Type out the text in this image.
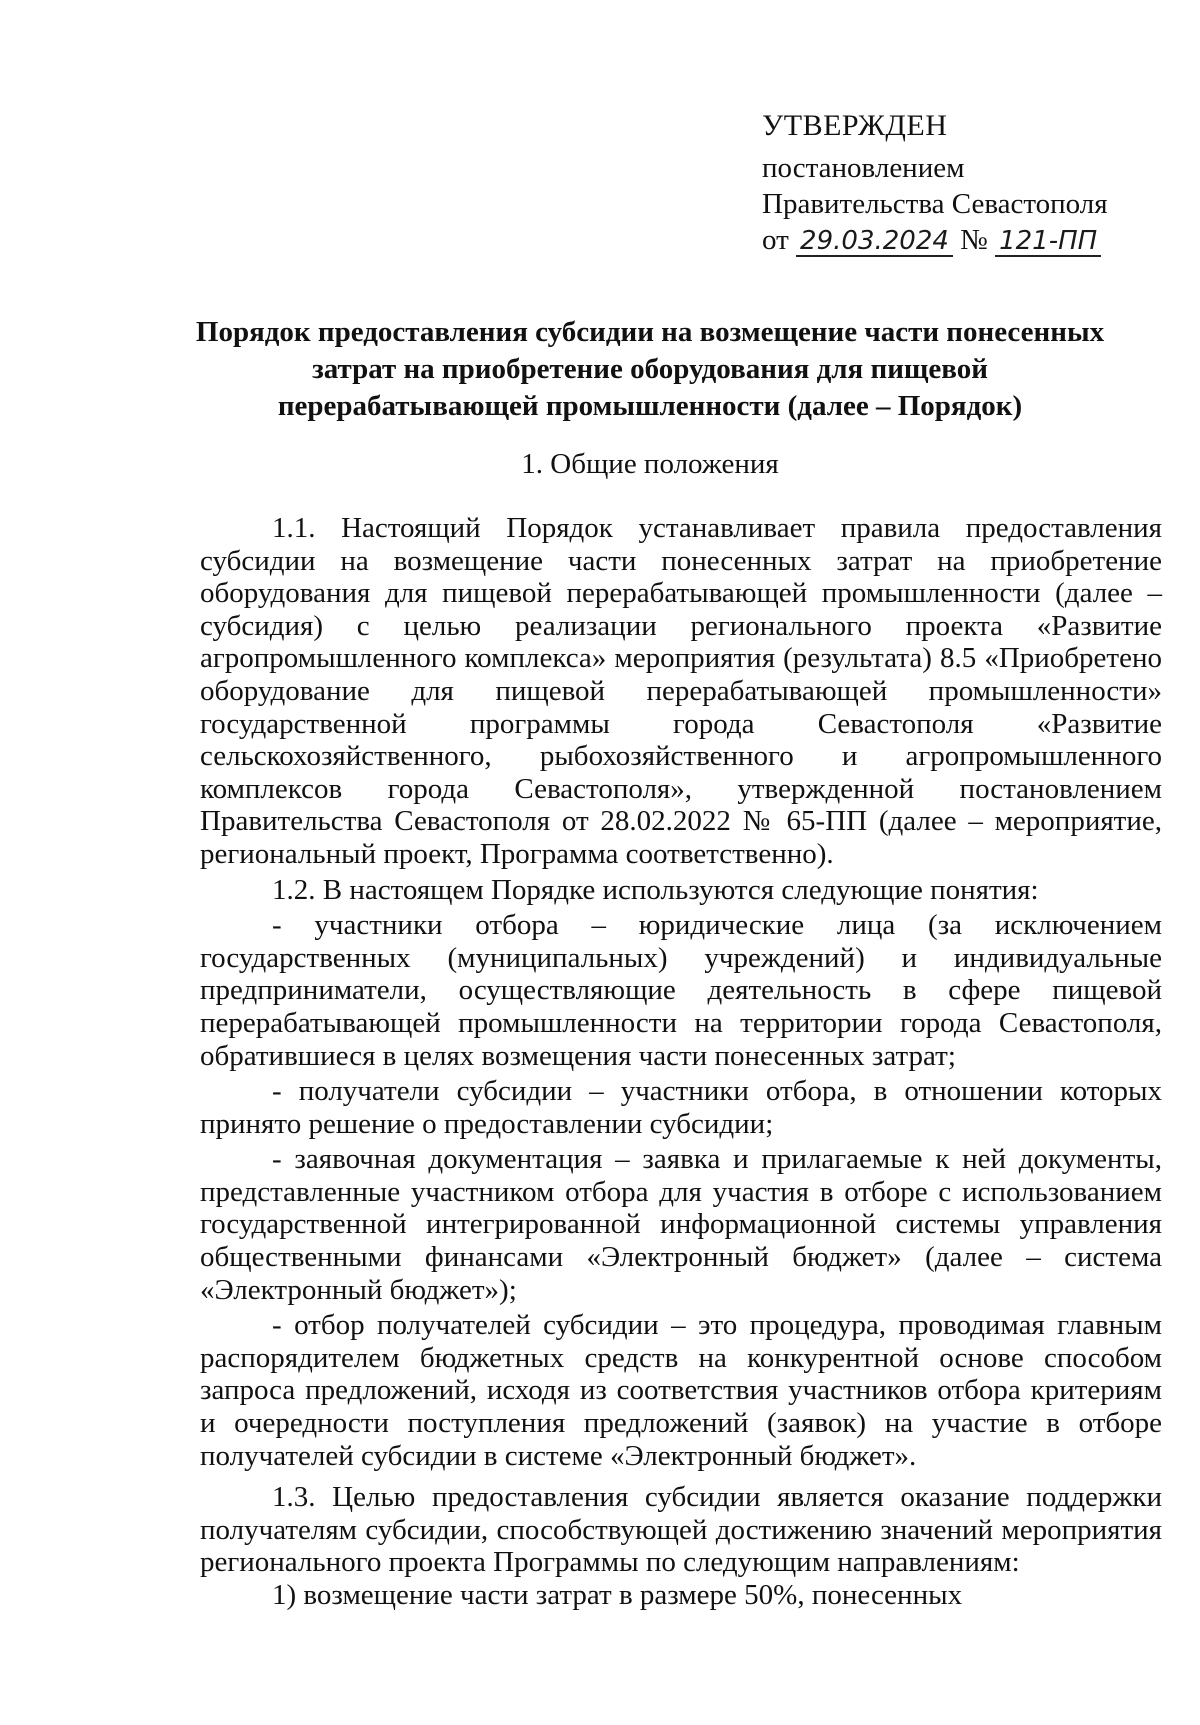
УТВЕРЖДЕН
постановлением
Правительства Севастополя
от 29.03.2024 № 121-ПП
Порядок предоставления субсидии на возмещение части понесенных затрат на приобретение оборудования для пищевой перерабатывающей промышленности (далее – Порядок)
1. Общие положения

1.1. Настоящий Порядок устанавливает правила предоставления субсидии на возмещение части понесенных затрат на приобретение оборудования для пищевой перерабатывающей промышленности (далее – субсидия) с целью реализации регионального проекта «Развитие агропромышленного комплекса» мероприятия (результата) 8.5 «Приобретено оборудование для пищевой перерабатывающей промышленности» государственной программы города Севастополя «Развитие сельскохозяйственного, рыбохозяйственного и агропромышленного комплексов города Севастополя», утвержденной постановлением Правительства Севастополя от 28.02.2022 № 65-ПП (далее – мероприятие, региональный проект, Программа соответственно).

1.2. В настоящем Порядке используются следующие понятия:

- участники отбора – юридические лица (за исключением государственных (муниципальных) учреждений) и индивидуальные предприниматели, осуществляющие деятельность в сфере пищевой перерабатывающей промышленности на территории города Севастополя, обратившиеся в целях возмещения части понесенных затрат;

- получатели субсидии – участники отбора, в отношении которых принято решение о предоставлении субсидии;

- заявочная документация – заявка и прилагаемые к ней документы, представленные участником отбора для участия в отборе с использованием государственной интегрированной информационной системы управления общественными финансами «Электронный бюджет» (далее – система «Электронный бюджет»);

- отбор получателей субсидии – это процедура, проводимая главным распорядителем бюджетных средств на конкурентной основе способом запроса предложений, исходя из соответствия участников отбора критериям и очередности поступления предложений (заявок) на участие в отборе получателей субсидии в системе «Электронный бюджет».

1.3. Целью предоставления субсидии является оказание поддержки получателям субсидии, способствующей достижению значений мероприятия регионального проекта Программы по следующим направлениям:

1) возмещение части затрат в размере 50%, понесенных
